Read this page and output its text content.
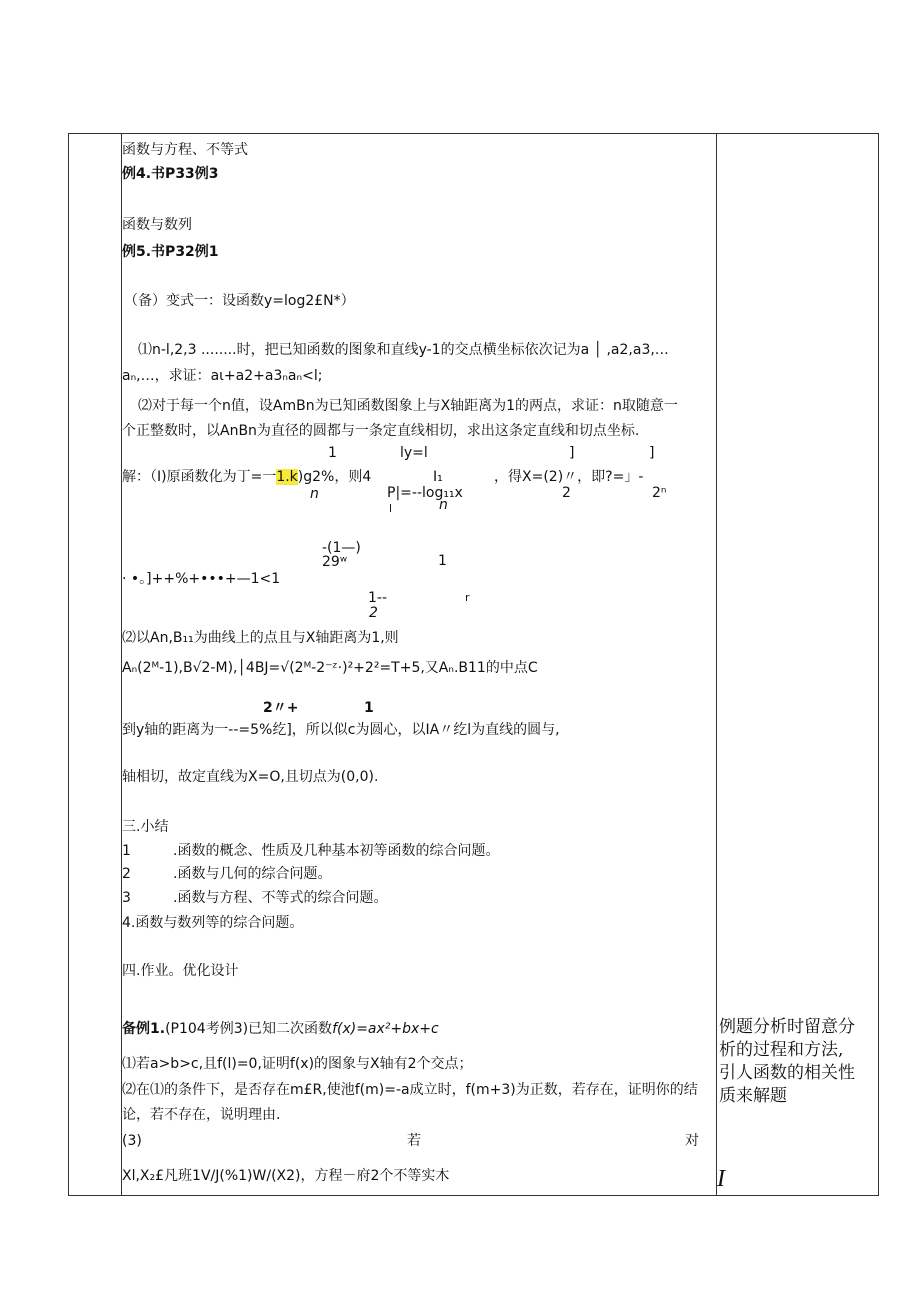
函数与方程、不等式
例4.书P33例3
函数与数列
例5.书P32例1
（备）变式一：设函数y=log2£N*）
⑴n-l,2,3 ........时，把已知函数的图象和直线y-1的交点横坐标依次记为a │ ,a2,a3,…
aₙ,…，求证：aι+a2+a3ₙaₙ<l;
⑵对于每一个n值，设AmBn为已知函数图象上与X轴距离为1的两点，求证：n取随意一
个正整数时，以AnBn为直径的圆都与一条定直线相切，求出这条定直线和切点坐标.
1	ly=l	]	]
解：（I)原函数化为丁=一1.k)g2%，则4	I₁	，得X=(2)〃，即?=」-
n	P|=--log₁₁x
n
2	2ⁿ
l
-(1—)
29ʷ	1
· •。]++%+•••+—1<1
1--	r
2
⑵以An,B₁₁为曲线上的点且与X轴距离为1,则
Aₙ(2ᴹ-1),B√2-M),│4BJ=√(2ᴹ-2⁻ᶻ·)²+2²=T+5,又Aₙ.B11的中点C
2〃+	1
到y轴的距离为一--=5%纥]，所以似c为圆心，以IA〃纥l为直线的圆与,
轴相切，故定直线为X=O,且切点为(0,0).
三.小结
1	.函数的概念、性质及几种基本初等函数的综合问题。
2	.函数与几何的综合问题。
3	.函数与方程、不等式的综合问题。
4.函数与数列等的综合问题。
四.作业。优化设计
备例1.(P104考例3)已知二次函数f(x)=ax²+bx+c
⑴若a>b>c,且f(l)=0,证明f(x)的图象与X轴有2个交点；
⑵在⑴的条件下，是否存在m£R,使池f(m)=-a成立时，f(m+3)为正数，若存在，证明你的结
论，若不存在，说明理由.
(3)	若	对
Xl,X₂£凡班1V/J(%1)W/(X2)，方程－府2个不等实木
例题分析时留意分
析的过程和方法,
引人函数的相关性
质来解题
I
